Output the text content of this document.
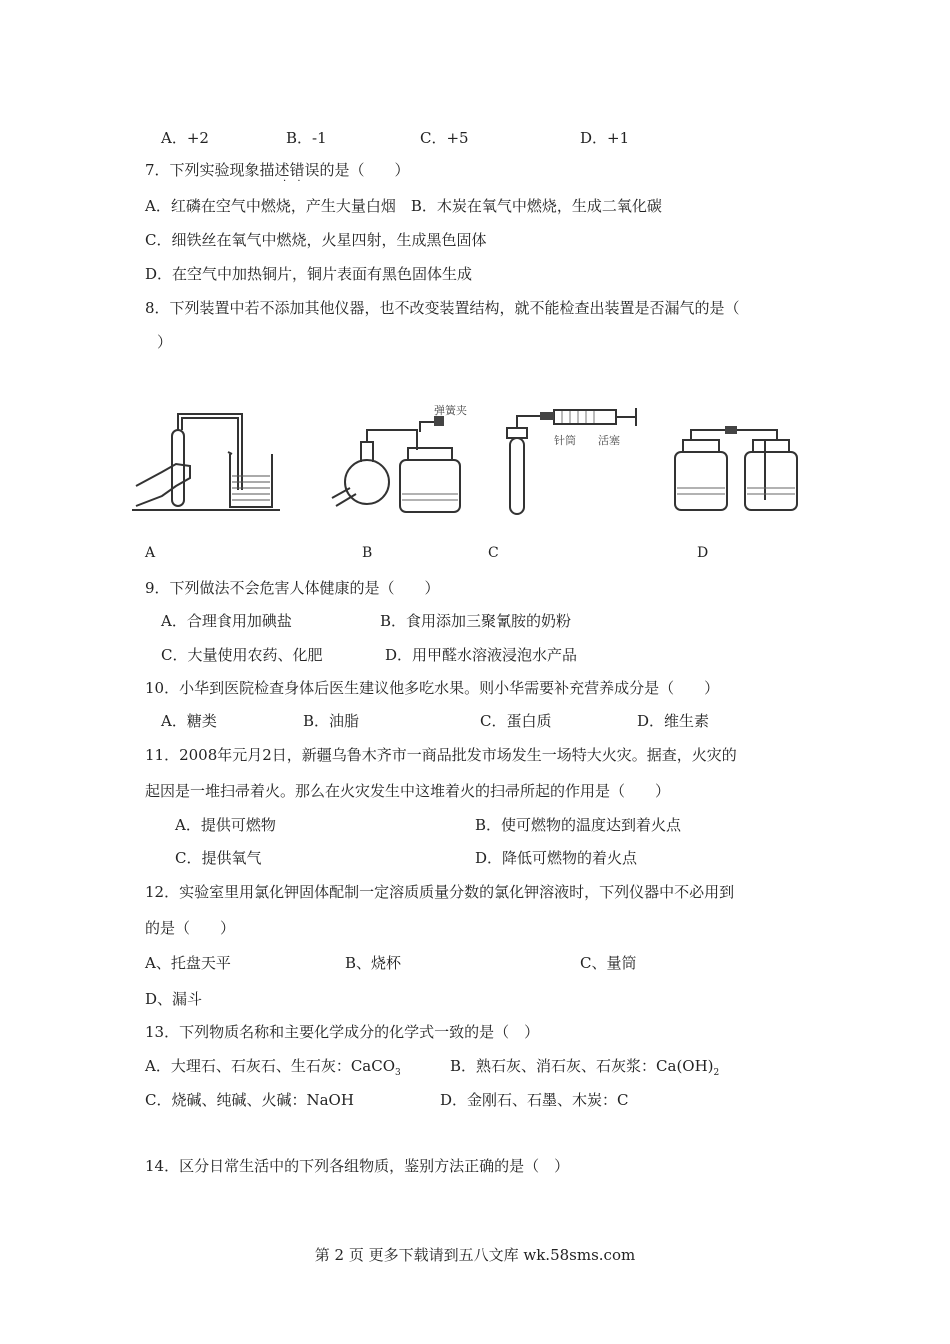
A．+2	B．-1	C．+5	D．+1
7．下列实验现象描述错误的是（　　）
· ·
A．红磷在空气中燃烧，产生大量白烟　B．木炭在氧气中燃烧，生成二氧化碳
C．细铁丝在氧气中燃烧，火星四射，生成黑色固体
D．在空气中加热铜片，铜片表面有黑色固体生成
8．下列装置中若不添加其他仪器，也不改变装置结构，就不能检查出装置是否漏气的是（
）
弹簧夹
针筒 活塞
A	B	C	D
9．下列做法不会危害人体健康的是（　　）
A．合理食用加碘盐	B．食用添加三聚氰胺的奶粉
C．大量使用农药、化肥	D．用甲醛水溶液浸泡水产品
10．小华到医院检查身体后医生建议他多吃水果。则小华需要补充营养成分是（　　）
A．糖类	B．油脂	C．蛋白质	D．维生素
11．2008年元月2日，新疆乌鲁木齐市一商品批发市场发生一场特大火灾。据查，火灾的
起因是一堆扫帚着火。那么在火灾发生中这堆着火的扫帚所起的作用是（　　）
A．提供可燃物	B．使可燃物的温度达到着火点
C．提供氧气	D．降低可燃物的着火点
12．实验室里用氯化钾固体配制一定溶质质量分数的氯化钾溶液时，下列仪器中不必用到
的是（　　）
A、托盘天平	B、烧杯	C、量筒
D、漏斗
13．下列物质名称和主要化学成分的化学式一致的是（　）
A．大理石、石灰石、生石灰：CaCO$_3$	B．熟石灰、消石灰、石灰浆：$Ca(OH)_2$
C．烧碱、纯碱、火碱：NaOH	D．金刚石、石墨、木炭：C
14．区分日常生活中的下列各组物质，鉴别方法正确的是（　）
第 2 页 更多下载请到五八文库 wk.58sms.com
